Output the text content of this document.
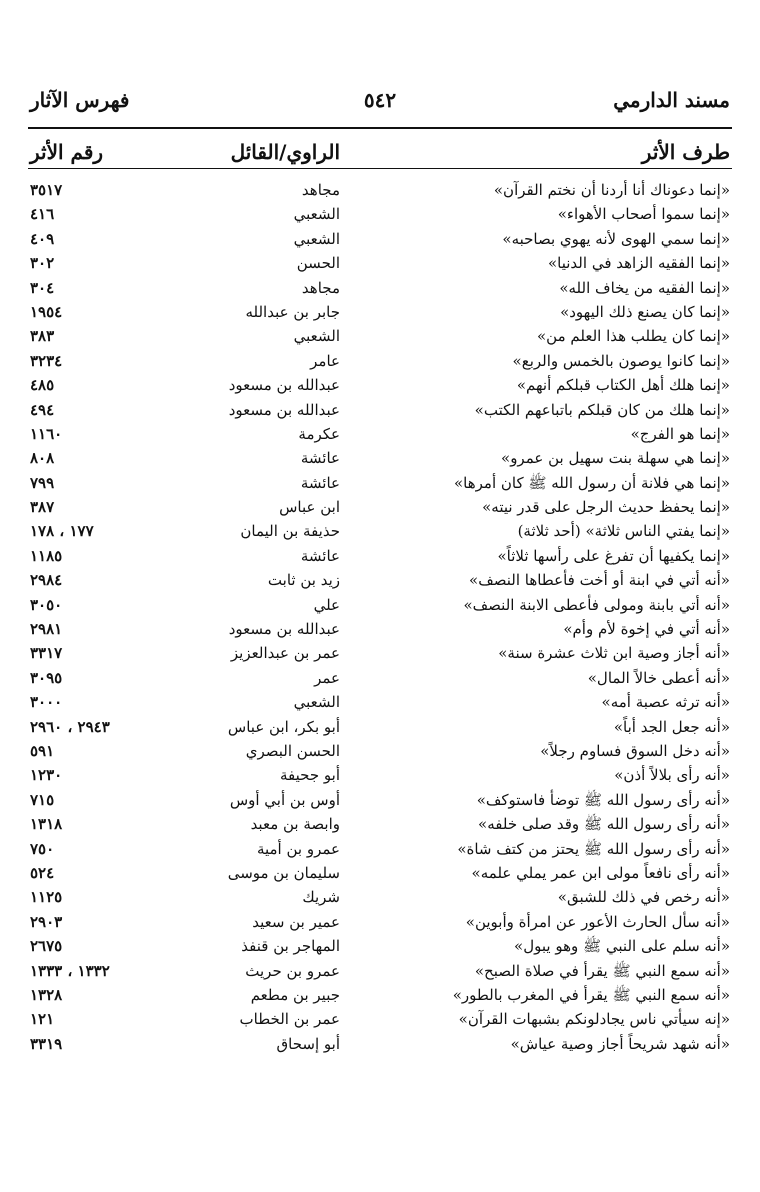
مسند الدارمي
٥٤٢
فهرس الآثار
طرف الأثر
الراوي/القائل
رقم الأثر
«إنما دعوناك أنا أردنا أن نختم القرآن»
مجاهد
٣٥١٧
«إنما سموا أصحاب الأهواء»
الشعبي
٤١٦
«إنما سمي الهوى لأنه يهوي بصاحبه»
الشعبي
٤٠٩
«إنما الفقيه الزاهد في الدنيا»
الحسن
٣٠٢
«إنما الفقيه من يخاف الله»
مجاهد
٣٠٤
«إنما كان يصنع ذلك اليهود»
جابر بن عبدالله
١٩٥٤
«إنما كان يطلب هذا العلم من»
الشعبي
٣٨٣
«إنما كانوا يوصون بالخمس والربع»
عامر
٣٢٣٤
«إنما هلك أهل الكتاب قبلكم أنهم»
عبدالله بن مسعود
٤٨٥
«إنما هلك من كان قبلكم باتباعهم الكتب»
عبدالله بن مسعود
٤٩٤
«إنما هو الفرج»
عكرمة
١١٦٠
«إنما هي سهلة بنت سهيل بن عمرو»
عائشة
٨٠٨
«إنما هي فلانة أن رسول الله ﷺ كان أمرها»
عائشة
٧٩٩
«إنما يحفظ حديث الرجل على قدر نيته»
ابن عباس
٣٨٧
«إنما يفتي الناس ثلاثة» (أحد ثلاثة)
حذيفة بن اليمان
١٧٧ ، ١٧٨
«إنما يكفيها أن تفرغ على رأسها ثلاثاً»
عائشة
١١٨٥
«أنه أتي في ابنة أو أخت فأعطاها النصف»
زيد بن ثابت
٢٩٨٤
«أنه أتي بابنة ومولى فأعطى الابنة النصف»
علي
٣٠٥٠
«أنه أتي في إخوة لأم وأم»
عبدالله بن مسعود
٢٩٨١
«أنه أجاز وصية ابن ثلاث عشرة سنة»
عمر بن عبدالعزيز
٣٣١٧
«أنه أعطى خالاً المال»
عمر
٣٠٩٥
«أنه ترثه عصبة أمه»
الشعبي
٣٠٠٠
«أنه جعل الجد أباً»
أبو بكر، ابن عباس
٢٩٤٣ ، ٢٩٦٠
«أنه دخل السوق فساوم رجلاً»
الحسن البصري
٥٩١
«أنه رأى بلالاً أذن»
أبو جحيفة
١٢٣٠
«أنه رأى رسول الله ﷺ توضأ فاستوكف»
أوس بن أبي أوس
٧١٥
«أنه رأى رسول الله ﷺ وقد صلى خلفه»
وابصة بن معبد
١٣١٨
«أنه رأى رسول الله ﷺ يحتز من كتف شاة»
عمرو بن أمية
٧٥٠
«أنه رأى نافعاً مولى ابن عمر يملي علمه»
سليمان بن موسى
٥٢٤
«أنه رخص في ذلك للشبق»
شريك
١١٢٥
«أنه سأل الحارث الأعور عن امرأة وأبوين»
عمير بن سعيد
٢٩٠٣
«أنه سلم على النبي ﷺ وهو يبول»
المهاجر بن قنفذ
٢٦٧٥
«أنه سمع النبي ﷺ يقرأ في صلاة الصبح»
عمرو بن حريث
١٣٣٢ ، ١٣٣٣
«أنه سمع النبي ﷺ يقرأ في المغرب بالطور»
جبير بن مطعم
١٣٢٨
«إنه سيأتي ناس يجادلونكم بشبهات القرآن»
عمر بن الخطاب
١٢١
«أنه شهد شريحاً أجاز وصية عياش»
أبو إسحاق
٣٣١٩
